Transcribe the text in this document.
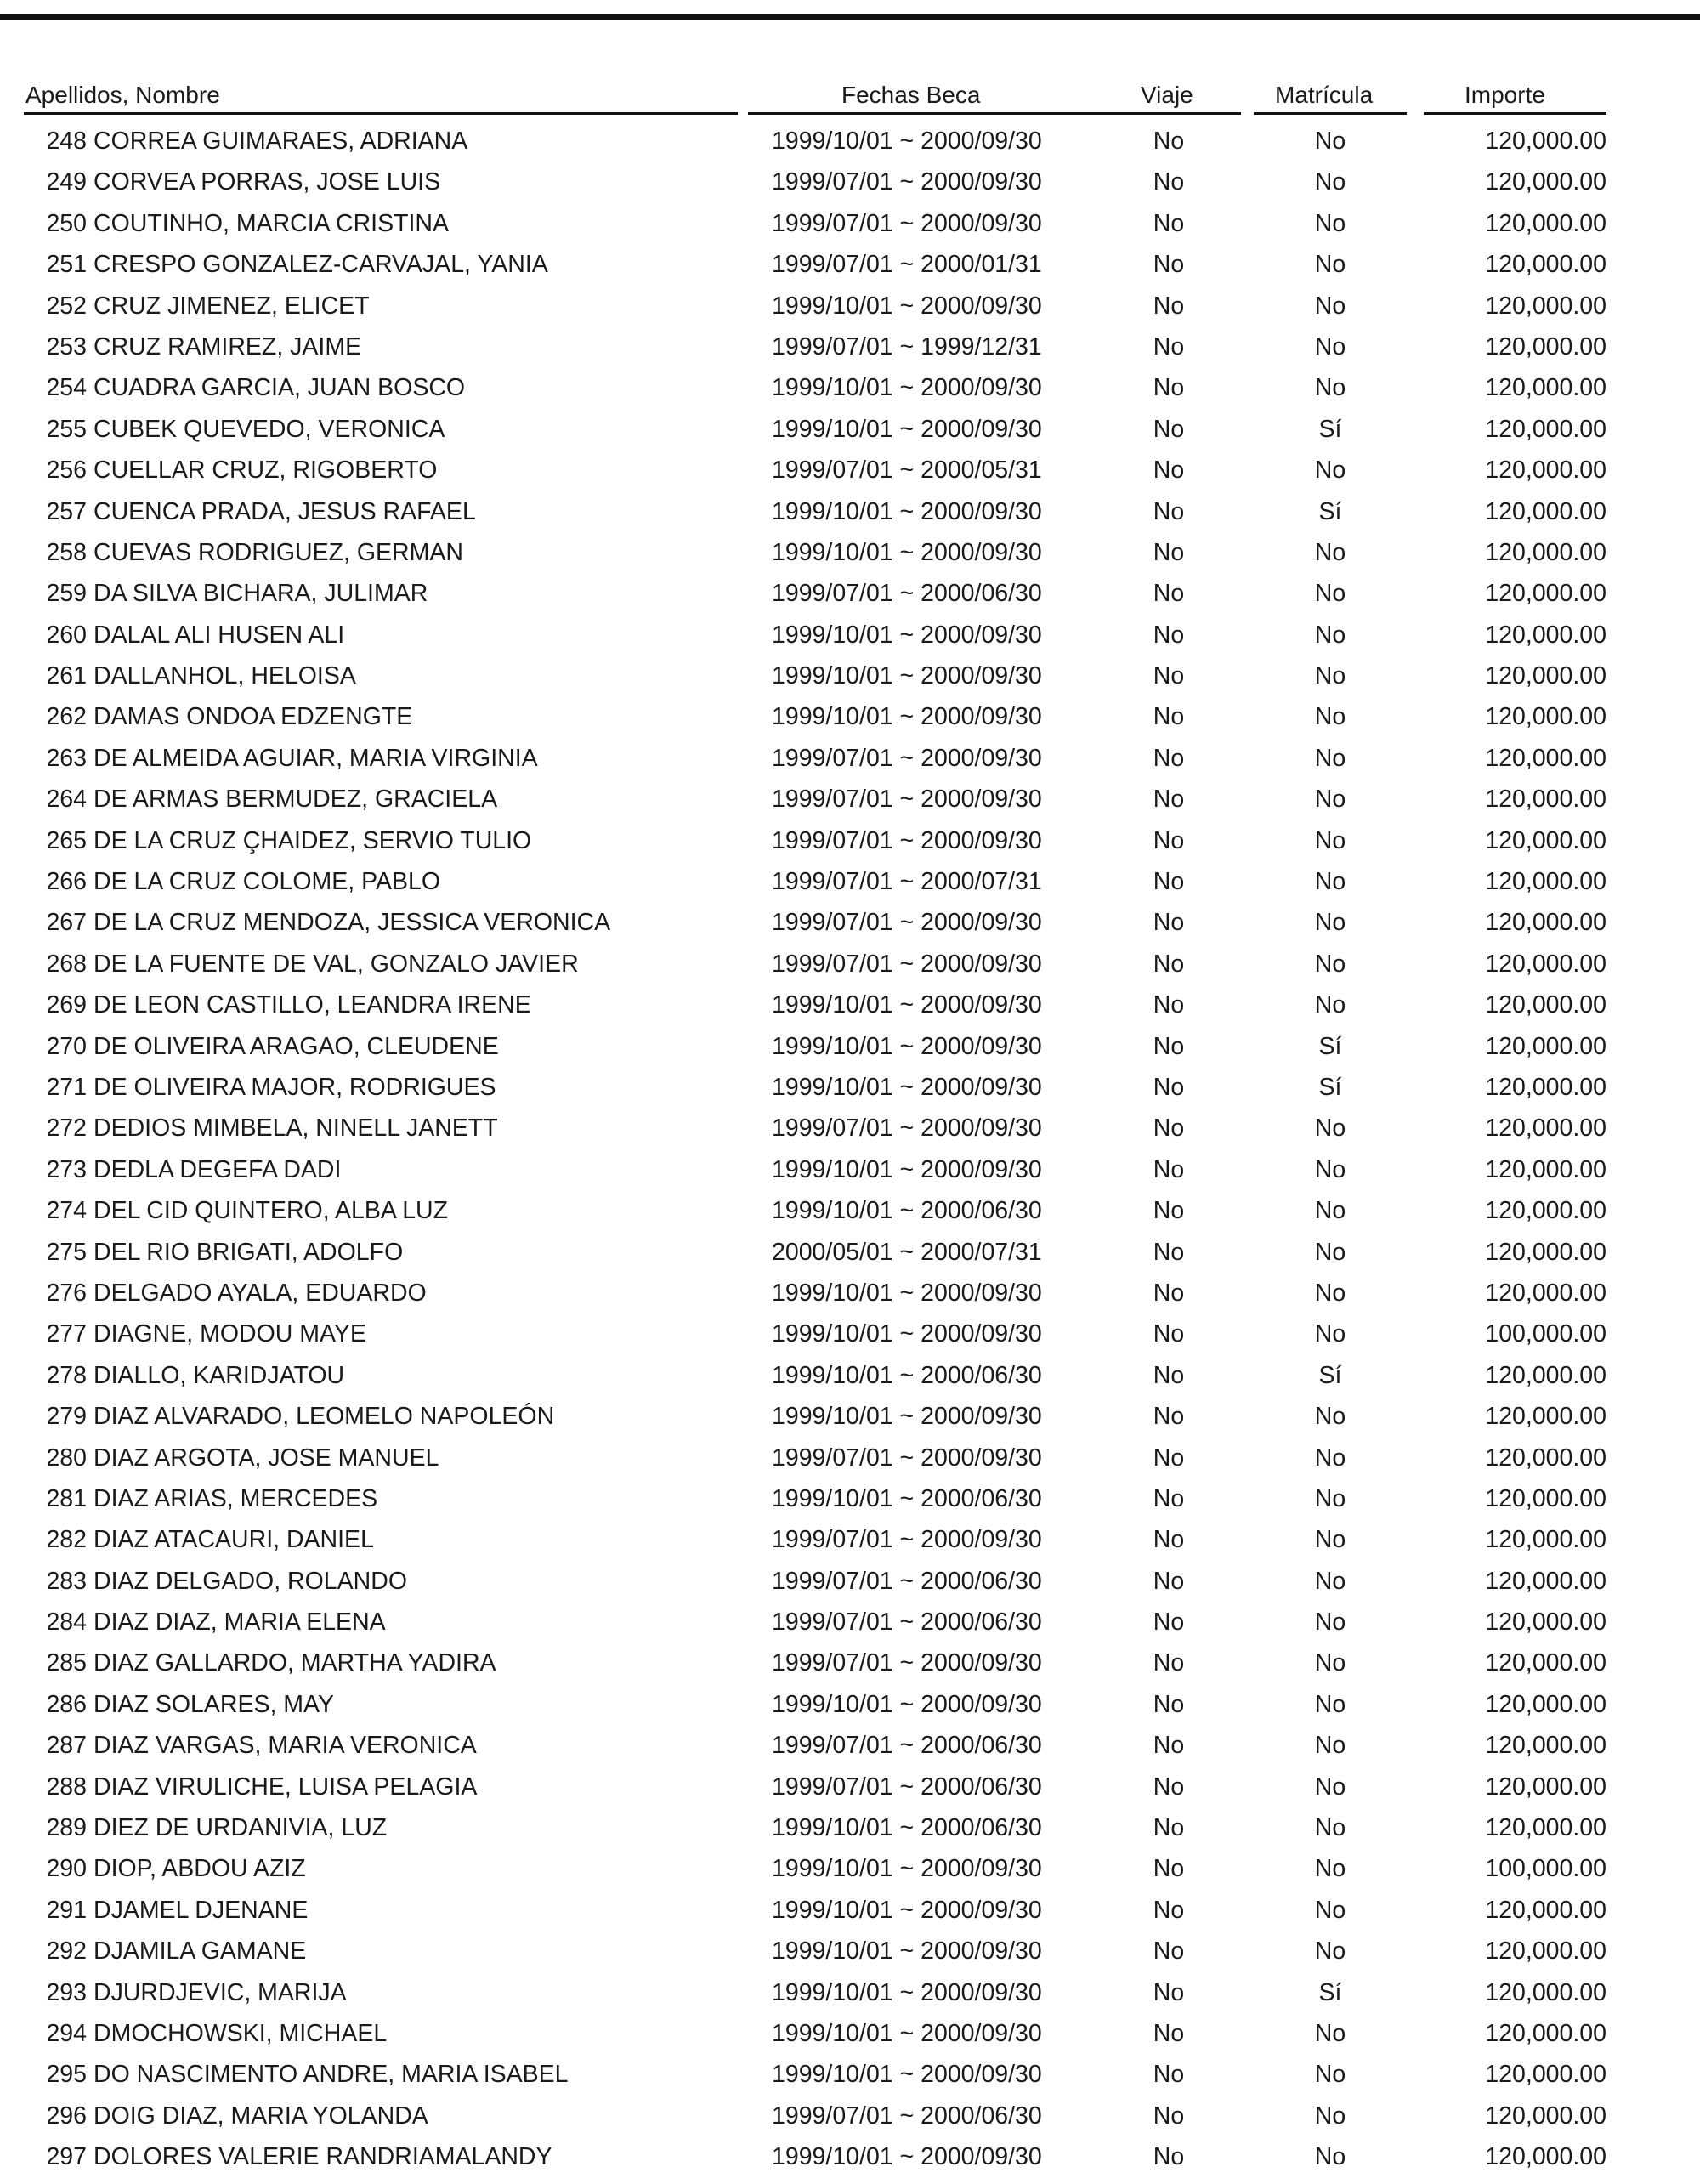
Apellidos, Nombre	Fechas Beca	Viaje	Matrícula	Importe
248 CORREA GUIMARAES, ADRIANA	1999/10/01 ~ 2000/09/30	No	No	120,000.00
249 CORVEA PORRAS, JOSE LUIS	1999/07/01 ~ 2000/09/30	No	No	120,000.00
250 COUTINHO, MARCIA CRISTINA	1999/07/01 ~ 2000/09/30	No	No	120,000.00
251 CRESPO GONZALEZ-CARVAJAL, YANIA	1999/07/01 ~ 2000/01/31	No	No	120,000.00
252 CRUZ JIMENEZ, ELICET	1999/10/01 ~ 2000/09/30	No	No	120,000.00
253 CRUZ RAMIREZ, JAIME	1999/07/01 ~ 1999/12/31	No	No	120,000.00
254 CUADRA GARCIA, JUAN BOSCO	1999/10/01 ~ 2000/09/30	No	No	120,000.00
255 CUBEK QUEVEDO, VERONICA	1999/10/01 ~ 2000/09/30	No	Sí	120,000.00
256 CUELLAR CRUZ, RIGOBERTO	1999/07/01 ~ 2000/05/31	No	No	120,000.00
257 CUENCA PRADA, JESUS RAFAEL	1999/10/01 ~ 2000/09/30	No	Sí	120,000.00
258 CUEVAS RODRIGUEZ, GERMAN	1999/10/01 ~ 2000/09/30	No	No	120,000.00
259 DA SILVA BICHARA, JULIMAR	1999/07/01 ~ 2000/06/30	No	No	120,000.00
260 DALAL ALI HUSEN ALI	1999/10/01 ~ 2000/09/30	No	No	120,000.00
261 DALLANHOL, HELOISA	1999/10/01 ~ 2000/09/30	No	No	120,000.00
262 DAMAS ONDOA EDZENGTE	1999/10/01 ~ 2000/09/30	No	No	120,000.00
263 DE ALMEIDA AGUIAR, MARIA VIRGINIA	1999/07/01 ~ 2000/09/30	No	No	120,000.00
264 DE ARMAS BERMUDEZ, GRACIELA	1999/07/01 ~ 2000/09/30	No	No	120,000.00
265 DE LA CRUZ ÇHAIDEZ, SERVIO TULIO	1999/07/01 ~ 2000/09/30	No	No	120,000.00
266 DE LA CRUZ COLOME, PABLO	1999/07/01 ~ 2000/07/31	No	No	120,000.00
267 DE LA CRUZ MENDOZA, JESSICA VERONICA	1999/07/01 ~ 2000/09/30	No	No	120,000.00
268 DE LA FUENTE DE VAL, GONZALO JAVIER	1999/07/01 ~ 2000/09/30	No	No	120,000.00
269 DE LEON CASTILLO, LEANDRA IRENE	1999/10/01 ~ 2000/09/30	No	No	120,000.00
270 DE OLIVEIRA ARAGAO, CLEUDENE	1999/10/01 ~ 2000/09/30	No	Sí	120,000.00
271 DE OLIVEIRA MAJOR, RODRIGUES	1999/10/01 ~ 2000/09/30	No	Sí	120,000.00
272 DEDIOS MIMBELA, NINELL JANETT	1999/07/01 ~ 2000/09/30	No	No	120,000.00
273 DEDLA DEGEFA DADI	1999/10/01 ~ 2000/09/30	No	No	120,000.00
274 DEL CID QUINTERO, ALBA LUZ	1999/10/01 ~ 2000/06/30	No	No	120,000.00
275 DEL RIO BRIGATI, ADOLFO	2000/05/01 ~ 2000/07/31	No	No	120,000.00
276 DELGADO AYALA, EDUARDO	1999/10/01 ~ 2000/09/30	No	No	120,000.00
277 DIAGNE, MODOU MAYE	1999/10/01 ~ 2000/09/30	No	No	100,000.00
278 DIALLO, KARIDJATOU	1999/10/01 ~ 2000/06/30	No	Sí	120,000.00
279 DIAZ ALVARADO, LEOMELO NAPOLEÓN	1999/10/01 ~ 2000/09/30	No	No	120,000.00
280 DIAZ ARGOTA, JOSE MANUEL	1999/07/01 ~ 2000/09/30	No	No	120,000.00
281 DIAZ ARIAS, MERCEDES	1999/10/01 ~ 2000/06/30	No	No	120,000.00
282 DIAZ ATACAURI, DANIEL	1999/07/01 ~ 2000/09/30	No	No	120,000.00
283 DIAZ DELGADO, ROLANDO	1999/07/01 ~ 2000/06/30	No	No	120,000.00
284 DIAZ DIAZ, MARIA ELENA	1999/07/01 ~ 2000/06/30	No	No	120,000.00
285 DIAZ GALLARDO, MARTHA YADIRA	1999/07/01 ~ 2000/09/30	No	No	120,000.00
286 DIAZ SOLARES, MAY	1999/10/01 ~ 2000/09/30	No	No	120,000.00
287 DIAZ VARGAS, MARIA VERONICA	1999/07/01 ~ 2000/06/30	No	No	120,000.00
288 DIAZ VIRULICHE, LUISA PELAGIA	1999/07/01 ~ 2000/06/30	No	No	120,000.00
289 DIEZ DE URDANIVIA, LUZ	1999/10/01 ~ 2000/06/30	No	No	120,000.00
290 DIOP, ABDOU AZIZ	1999/10/01 ~ 2000/09/30	No	No	100,000.00
291 DJAMEL DJENANE	1999/10/01 ~ 2000/09/30	No	No	120,000.00
292 DJAMILA GAMANE	1999/10/01 ~ 2000/09/30	No	No	120,000.00
293 DJURDJEVIC, MARIJA	1999/10/01 ~ 2000/09/30	No	Sí	120,000.00
294 DMOCHOWSKI, MICHAEL	1999/10/01 ~ 2000/09/30	No	No	120,000.00
295 DO NASCIMENTO ANDRE, MARIA ISABEL	1999/10/01 ~ 2000/09/30	No	No	120,000.00
296 DOIG DIAZ, MARIA YOLANDA	1999/07/01 ~ 2000/06/30	No	No	120,000.00
297 DOLORES VALERIE RANDRIAMALANDY	1999/10/01 ~ 2000/09/30	No	No	120,000.00
